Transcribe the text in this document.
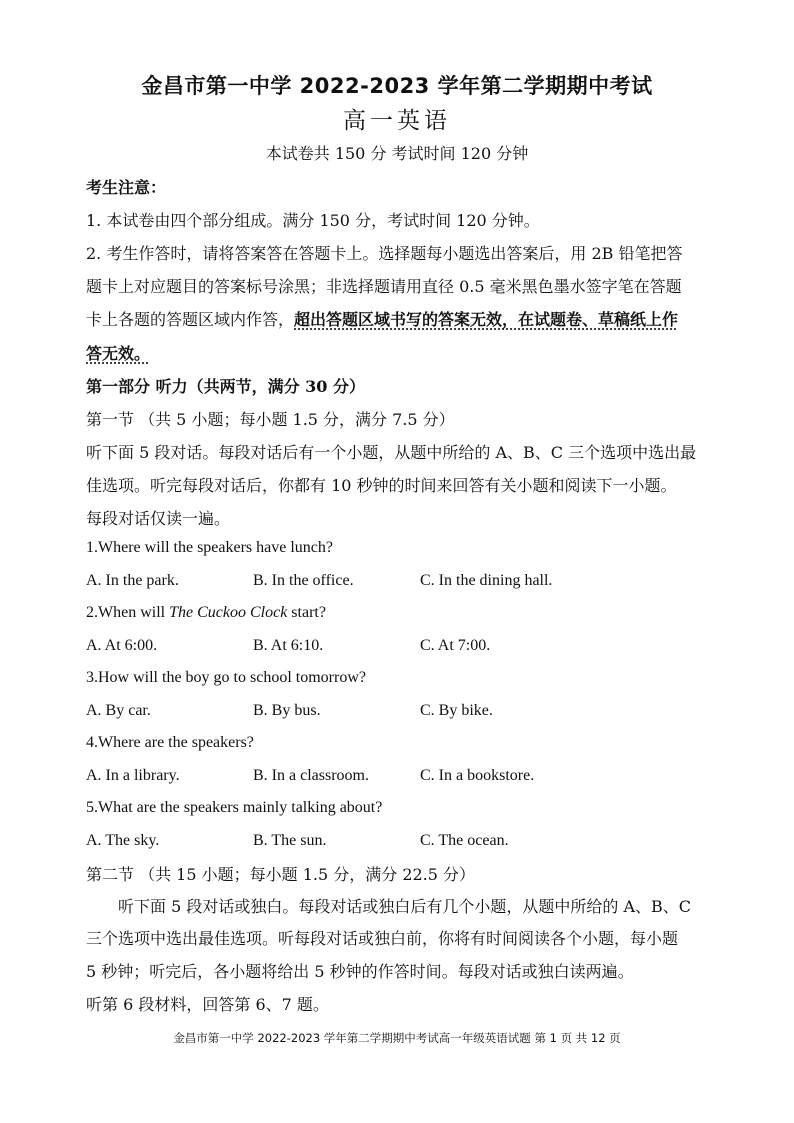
金昌市第一中学 2022-2023 学年第二学期期中考试
高一英语
本试卷共 150 分 考试时间 120 分钟
考生注意：
1. 本试卷由四个部分组成。满分 150 分，考试时间 120 分钟。
2. 考生作答时，请将答案答在答题卡上。选择题每小题选出答案后，用 2B 铅笔把答
题卡上对应题目的答案标号涂黑；非选择题请用直径 0.5 毫米黑色墨水签字笔在答题
卡上各题的答题区域内作答，超出答题区域书写的答案无效，在试题卷、草稿纸上作
答无效。
第一部分 听力（共两节，满分 30 分）
第一节 （共 5 小题；每小题 1.5 分，满分 7.5 分）
听下面 5 段对话。每段对话后有一个小题，从题中所给的 A、B、C 三个选项中选出最
佳选项。听完每段对话后，你都有 10 秒钟的时间来回答有关小题和阅读下一小题。
每段对话仅读一遍。
1.Where will the speakers have lunch?
A. In the park.	B. In the office.	C. In the dining hall.
2.When will The Cuckoo Clock start?
A. At 6:00.	B. At 6:10.	C. At 7:00.
3.How will the boy go to school tomorrow?
A. By car.	B. By bus.	C. By bike.
4.Where are the speakers?
A. In a library.	B. In a classroom.	C. In a bookstore.
5.What are the speakers mainly talking about?
A. The sky.	B. The sun.	C. The ocean.
第二节 （共 15 小题；每小题 1.5 分，满分 22.5 分）
听下面 5 段对话或独白。每段对话或独白后有几个小题，从题中所给的 A、B、C
三个选项中选出最佳选项。听每段对话或独白前，你将有时间阅读各个小题，每小题
5 秒钟；听完后，各小题将给出 5 秒钟的作答时间。每段对话或独白读两遍。
听第 6 段材料，回答第 6、7 题。
金昌市第一中学 2022-2023 学年第二学期期中考试高一年级英语试题 第 1 页 共 12 页
